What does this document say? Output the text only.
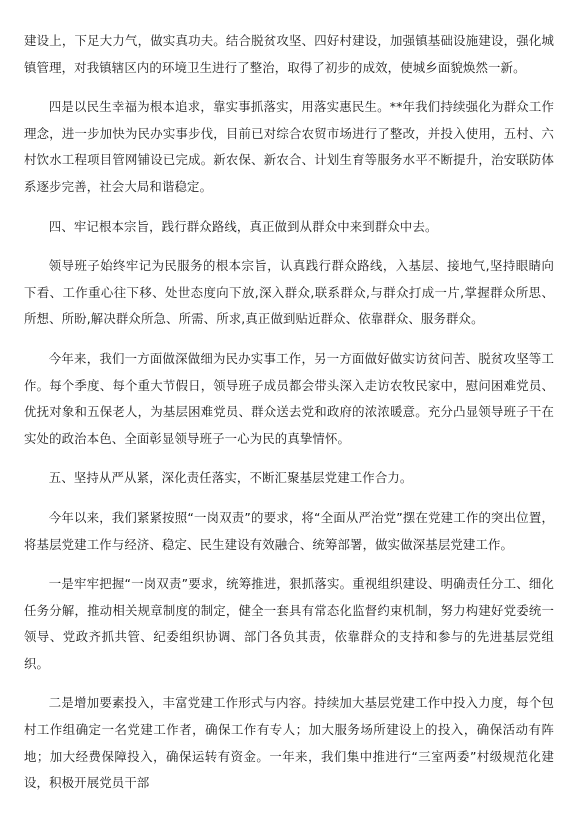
建设上，下足大力气，做实真功夫。结合脱贫攻坚、四好村建设，加强镇基础设施建设，强化城镇管理，对我镇辖区内的环境卫生进行了整治，取得了初步的成效，使城乡面貌焕然一新。

四是以民生幸福为根本追求，靠实事抓落实，用落实惠民生。**年我们持续强化为群众工作理念，进一步加快为民办实事步伐，目前已对综合农贸市场进行了整改，并投入使用，五村、六村饮水工程项目管网铺设已完成。新农保、新农合、计划生育等服务水平不断提升，治安联防体系逐步完善，社会大局和谐稳定。

四、牢记根本宗旨，践行群众路线，真正做到从群众中来到群众中去。

领导班子始终牢记为民服务的根本宗旨，认真践行群众路线，入基层、接地气,坚持眼睛向下看、工作重心往下移、处世态度向下放,深入群众,联系群众,与群众打成一片,掌握群众所思、所想、所盼,解决群众所急、所需、所求,真正做到贴近群众、依靠群众、服务群众。

今年来，我们一方面做深做细为民办实事工作，另一方面做好做实访贫问苦、脱贫攻坚等工作。每个季度、每个重大节假日，领导班子成员都会带头深入走访农牧民家中，慰问困难党员、优抚对象和五保老人，为基层困难党员、群众送去党和政府的浓浓暖意。充分凸显领导班子干在实处的政治本色、全面彰显领导班子一心为民的真挚情怀。

五、坚持从严从紧，深化责任落实，不断汇聚基层党建工作合力。

今年以来，我们紧紧按照“一岗双责”的要求，将“全面从严治党”摆在党建工作的突出位置，将基层党建工作与经济、稳定、民生建设有效融合、统筹部署，做实做深基层党建工作。

一是牢牢把握“一岗双责”要求，统筹推进，狠抓落实。重视组织建设、明确责任分工、细化任务分解，推动相关规章制度的制定，健全一套具有常态化监督约束机制，努力构建好党委统一领导、党政齐抓共管、纪委组织协调、部门各负其责，依靠群众的支持和参与的先进基层党组织。

二是增加要素投入，丰富党建工作形式与内容。持续加大基层党建工作中投入力度，每个包村工作组确定一名党建工作者，确保工作有专人；加大服务场所建设上的投入，确保活动有阵地；加大经费保障投入，确保运转有资金。一年来，我们集中推进行“三室两委”村级规范化建设，积极开展党员干部
